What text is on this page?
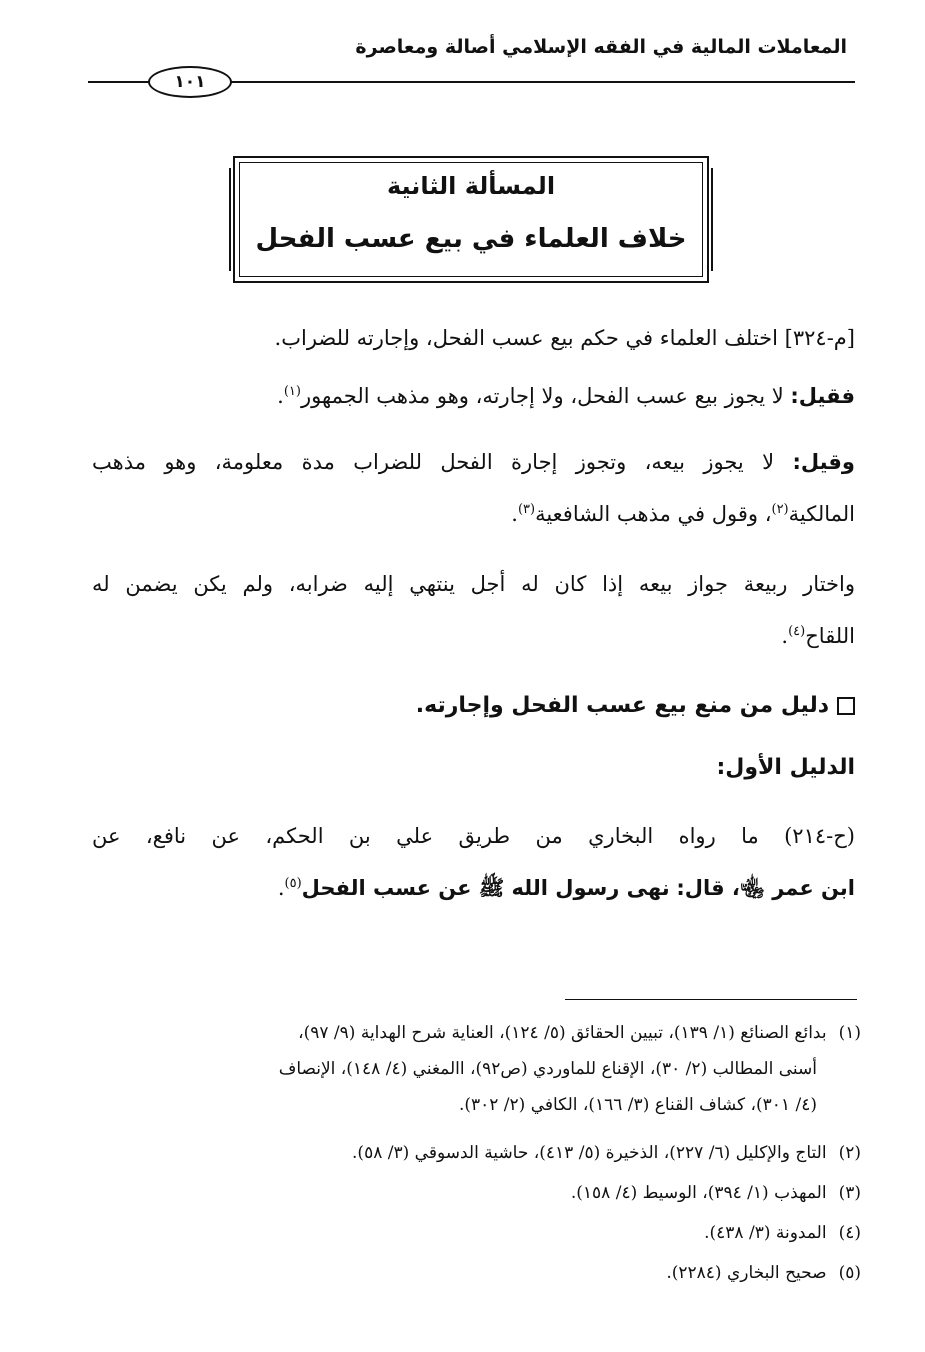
المعاملات المالية في الفقه الإسلامي أصالة ومعاصرة
١٠١
المسألة الثانية
خلاف العلماء في بيع عسب الفحل
[م-٣٢٤] اختلف العلماء في حكم بيع عسب الفحل، وإجارته للضراب.
فقيل: لا يجوز بيع عسب الفحل، ولا إجارته، وهو مذهب الجمهور$^{(١)}$.
وقيل: لا يجوز بيعه، وتجوز إجارة الفحل للضراب مدة معلومة، وهو مذهب
المالكية$^{(٢)}$، وقول في مذهب الشافعية$^{(٣)}$.
واختار ربيعة جواز بيعه إذا كان له أجل ينتهي إليه ضرابه، ولم يكن يضمن له
اللقاح$^{(٤)}$.
دليل من منع بيع عسب الفحل وإجارته.
الدليل الأول:
(ح-٢١٤) ما رواه البخاري من طريق علي بن الحكم، عن نافع، عن
ابن عمر ﵄، قال: نهى رسول الله ﷺ عن عسب الفحل$^{(٥)}$.
(١)بدائع الصنائع (١/ ١٣٩)، تبيين الحقائق (٥/ ١٢٤)، العناية شرح الهداية (٩/ ٩٧)،
أسنى المطالب (٢/ ٣٠)، الإقناع للماوردي (ص٩٢)، االمغني (٤/ ١٤٨)، الإنصاف
(٤/ ٣٠١)، كشاف القناع (٣/ ١٦٦)، الكافي (٢/ ٣٠٢).
(٢)التاج والإكليل (٦/ ٢٢٧)، الذخيرة (٥/ ٤١٣)، حاشية الدسوقي (٣/ ٥٨).
(٣)المهذب (١/ ٣٩٤)، الوسيط (٤/ ١٥٨).
(٤)المدونة (٣/ ٤٣٨).
(٥)صحيح البخاري (٢٢٨٤).
